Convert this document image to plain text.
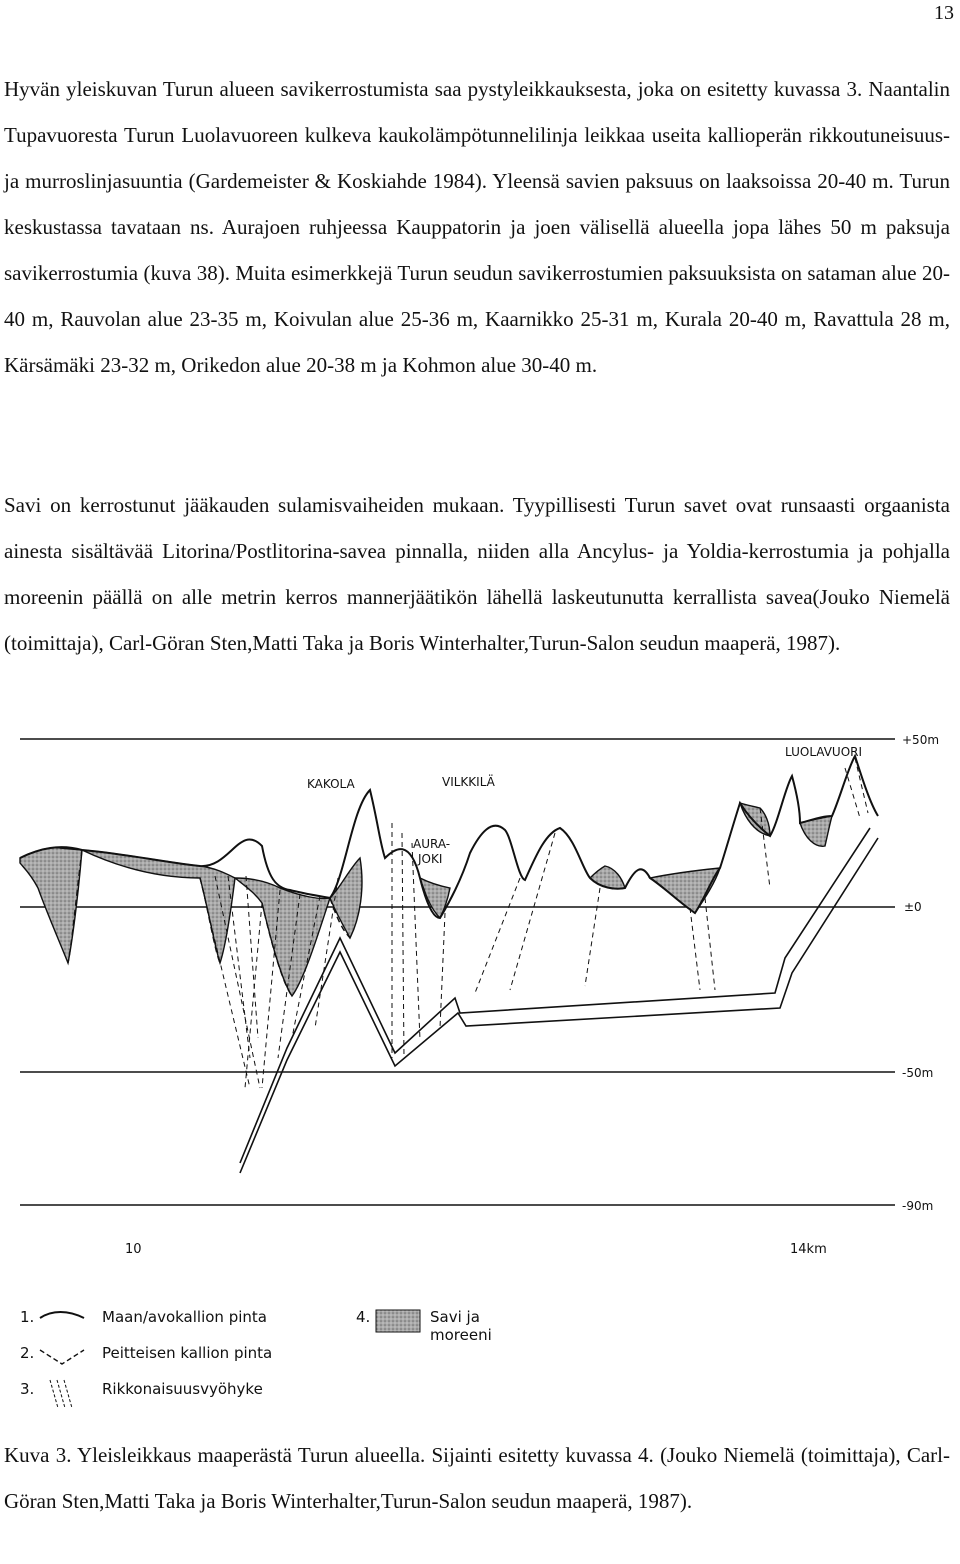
13

Hyvän yleiskuvan Turun alueen savikerrostumista saa pystyleikkauksesta, joka on esitetty kuvassa 3. Naantalin Tupavuoresta Turun Luolavuoreen kulkeva kaukolämpötunnelilinja leikkaa useita kallioperän rikkoutuneisuus- ja murroslinjasuuntia (Gardemeister & Koskiahde 1984). Yleensä savien paksuus on laaksoissa 20-40 m. Turun keskustassa tavataan ns. Aurajoen ruhjeessa Kauppatorin ja joen välisellä alueella jopa lähes 50 m paksuja savikerrostumia (kuva 38). Muita esimerkkejä Turun seudun savikerrostumien paksuuksista on sataman alue 20-40 m, Rauvolan alue 23-35 m, Koivulan alue 25-36 m, Kaarnikko 25-31 m, Kurala 20-40 m, Ravattula 28 m, Kärsämäki 23-32 m, Orikedon alue 20-38 m ja Kohmon alue 30-40 m.

Savi on kerrostunut jääkauden sulamisvaiheiden mukaan. Tyypillisesti Turun savet ovat runsaasti orgaanista ainesta sisältävää Litorina/Postlitorina-savea pinnalla, niiden alla Ancylus- ja Yoldia-kerrostumia ja pohjalla moreenin päällä on alle metrin kerros mannerjäätikön lähellä laskeutunutta kerrallista savea(Jouko Niemelä (toimittaja), Carl-Göran Sten,Matti Taka ja Boris Winterhalter,Turun-Salon seudun maaperä, 1987).

KAKOLA	VILKKILÄ
AURA-
JOKI
LUOLAVUORI
+50m
±0
-50m
-90m
10	14km
1.	Maan/avokallion pinta
2.	Peitteisen kallion pinta
3.	Rikkonaisuusvyöhyke
4.	Savi ja
moreeni

Kuva 3. Yleisleikkaus maaperästä Turun alueella. Sijainti esitetty kuvassa 4. (Jouko Niemelä (toimittaja), Carl-Göran Sten,Matti Taka ja Boris Winterhalter,Turun-Salon seudun maaperä, 1987).
